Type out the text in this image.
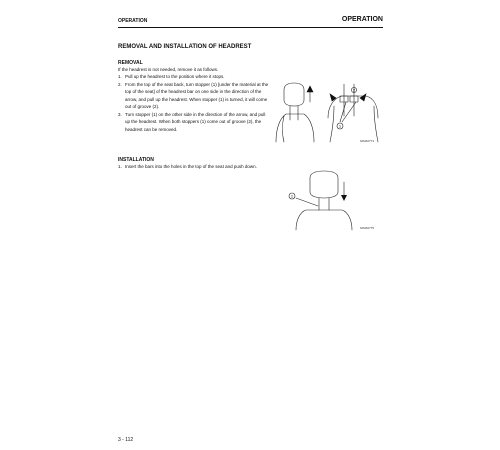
OPERATION	OPERATION
REMOVAL AND INSTALLATION OF HEADREST
REMOVAL
If the headrest is not needed, remove it as follows.
1. Pull up the headrest to the position where it stops.
2. From the top of the seat back, turn stopper (1) [under the material at the top of the seat] of the headrest bar on one side in the direction of the arrow, and pull up the headrest. When stopper (1) is turned, it will come out of groove (2).
3. Turn stopper (1) on the other side in the direction of the arrow, and pull up the headrest. When both stoppers (1) come out of groove (2), the headrest can be removed.
1
2
9JM40774
INSTALLATION
1. Insert the bars into the holes in the top of the seat and push down.
1
9JM40775
3 - 112
